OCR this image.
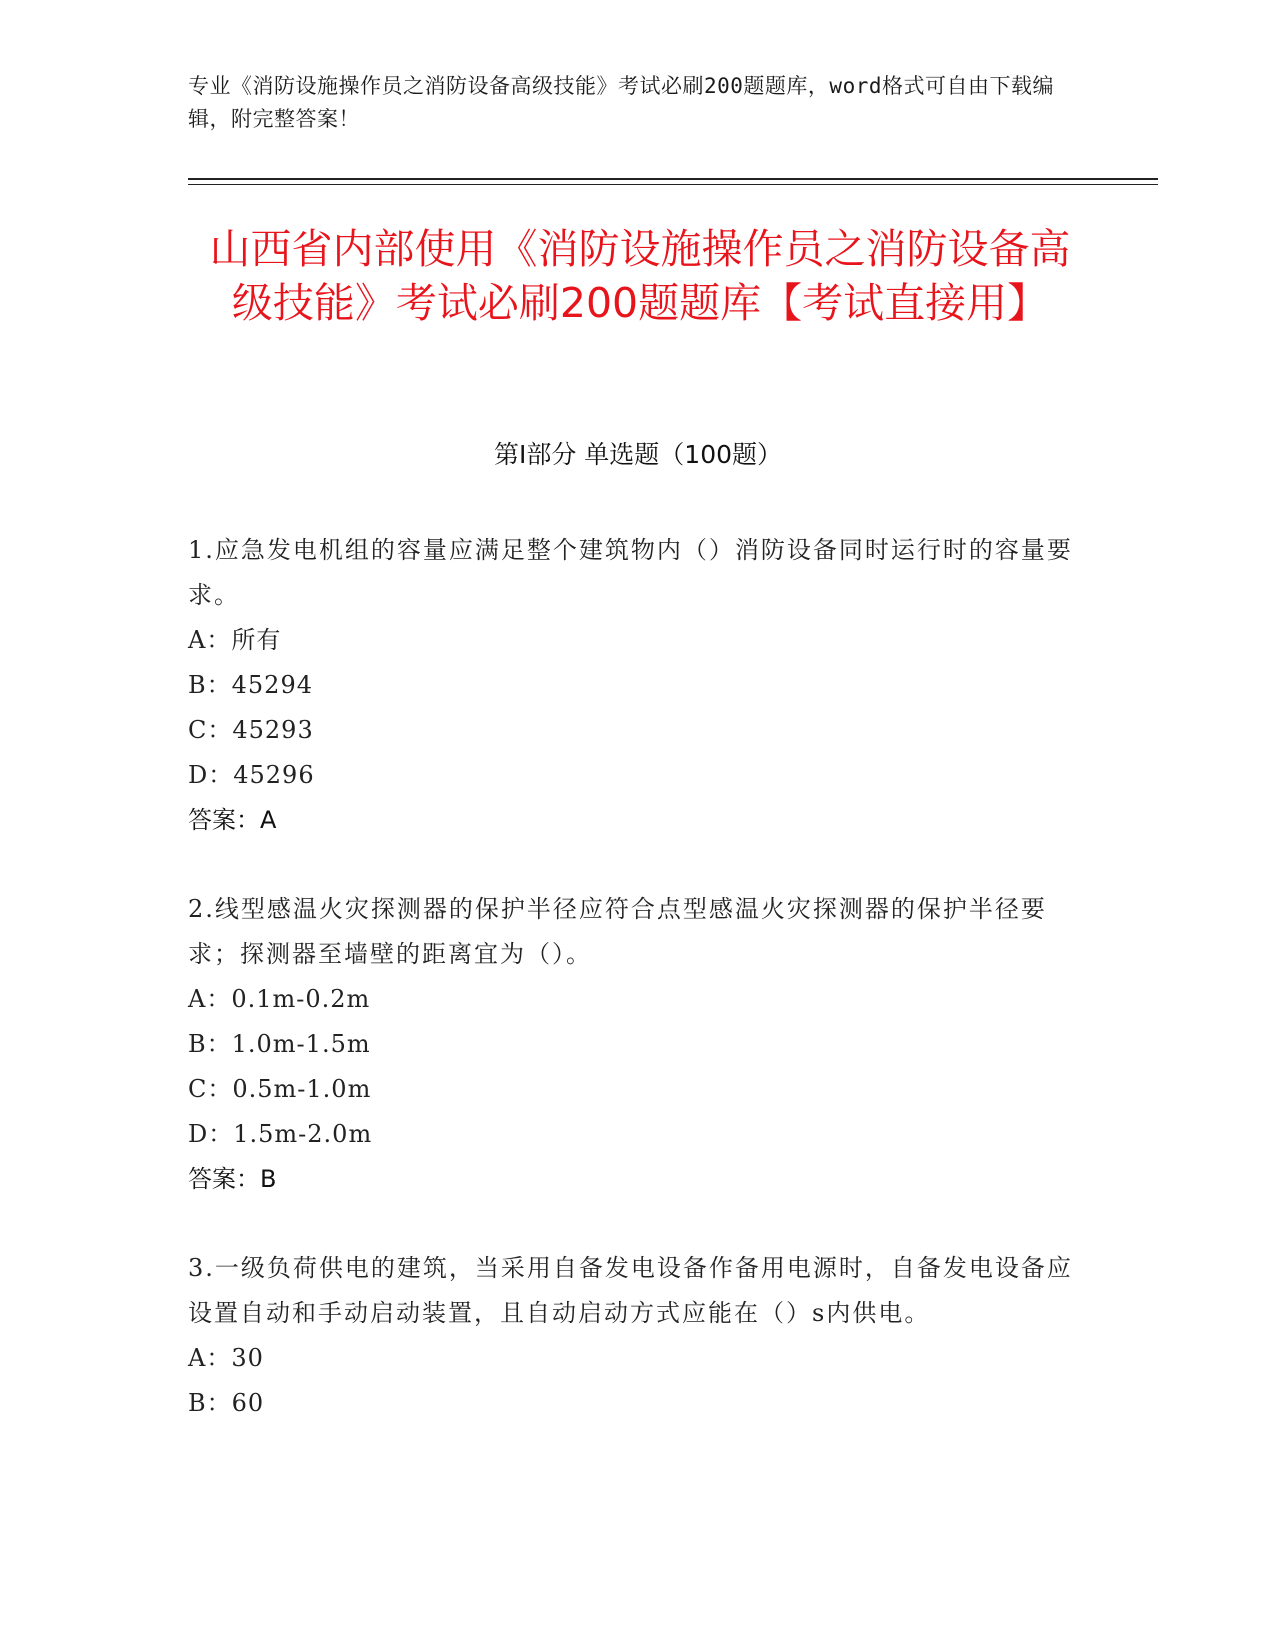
专业《消防设施操作员之消防设备高级技能》考试必刷200题题库，word格式可自由下载编辑，附完整答案！
山西省内部使用《消防设施操作员之消防设备高级技能》考试必刷200题题库【考试直接用】
第I部分 单选题（100题）

1.应急发电机组的容量应满足整个建筑物内（）消防设备同时运行时的容量要求。

A：所有

B：45294

C：45293

D：45296

答案：A

2.线型感温火灾探测器的保护半径应符合点型感温火灾探测器的保护半径要求；探测器至墙壁的距离宜为（）。

A：0.1m-0.2m

B：1.0m-1.5m

C：0.5m-1.0m

D：1.5m-2.0m

答案：B

3.一级负荷供电的建筑，当采用自备发电设备作备用电源时，自备发电设备应设置自动和手动启动装置，且自动启动方式应能在（）s内供电。

A：30

B：60
